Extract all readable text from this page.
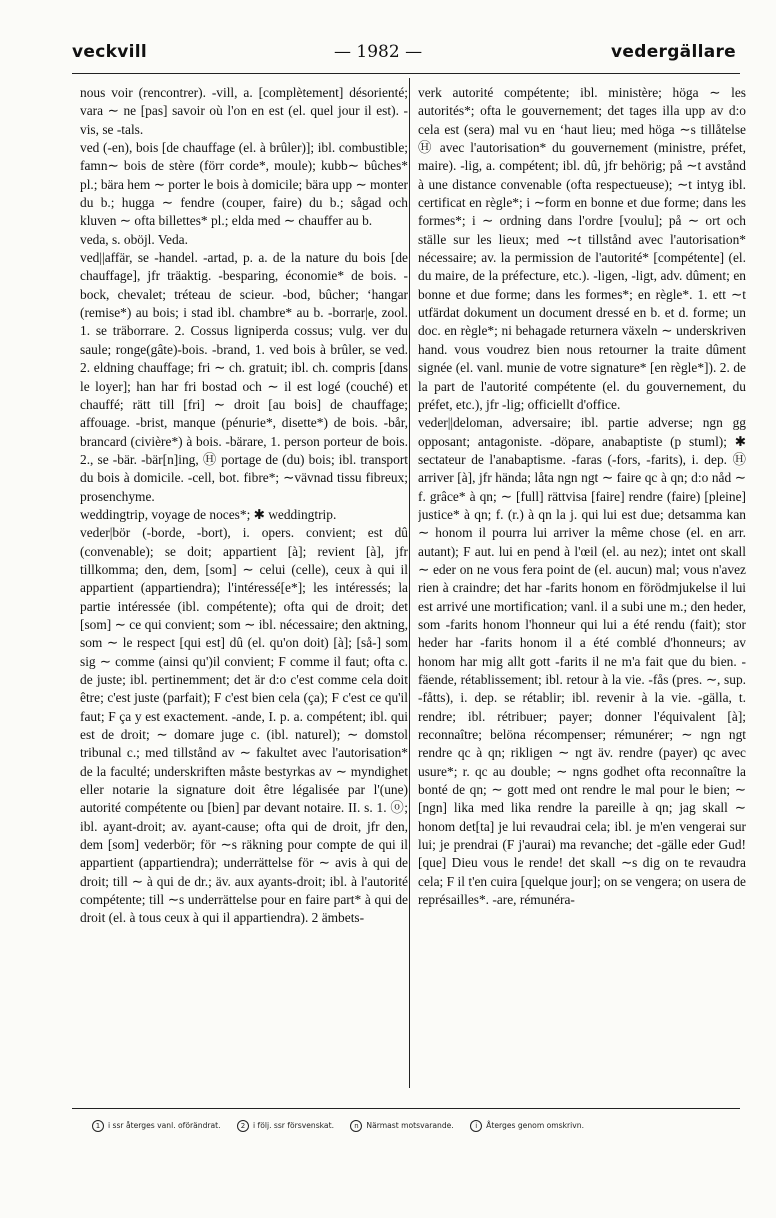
veckvill	— 1982 —	vedergällare

nous voir (rencontrer). -vill, a. [complètement] désorienté; vara ∼ ne [pas] savoir où l'on en est (el. quel jour il est). -vis, se -tals.

ved (-en), bois [de chauffage (el. à brûler)]; ibl. combustible; famn∼ bois de stère (förr corde*, moule); kubb∼ bûches* pl.; bära hem ∼ porter le bois à domicile; bära upp ∼ monter du b.; hugga ∼ fendre (couper, faire) du b.; sågad och kluven ∼ ofta billettes* pl.; elda med ∼ chauffer au b.

veda, s. oböjl. Veda.

ved||affär, se -handel. -artad, p. a. de la nature du bois [de chauffage], jfr träaktig. -besparing, économie* de bois. -bock, chevalet; tréteau de scieur. -bod, bûcher; ʻhangar (remise*) au bois; i stad ibl. chambre* au b. -borrar|e, zool. 1. se träborrare. 2. Cossus ligniperda cossus; vulg. ver du saule; ronge(gâte)-bois. -brand, 1. ved bois à brûler, se ved. 2. eldning chauffage; fri ∼ ch. gratuit; ibl. ch. compris [dans le loyer]; han har fri bostad och ∼ il est logé (couché) et chauffé; rätt till [fri] ∼ droit [au bois] de chauffage; affouage. -brist, manque (pénurie*, disette*) de bois. -bår, brancard (civière*) à bois. -bärare, 1. person porteur de bois. 2., se -bär. -bär[n]ing, Ⓗ portage de (du) bois; ibl. transport du bois à domicile. -cell, bot. fibre*; ∼vävnad tissu fibreux; prosenchyme.

weddingtrip, voyage de noces*; ✱ weddingtrip.

veder|bör (-borde, -bort), i. opers. convient; est dû (convenable); se doit; appartient [à]; revient [à], jfr tillkomma; den, dem, [som] ∼ celui (celle), ceux à qui il appartient (appartiendra); l'intéressé[e*]; les intéressés; la partie intéressée (ibl. compétente); ofta qui de droit; det [som] ∼ ce qui convient; som ∼ ibl. nécessaire; den aktning, som ∼ le respect [qui est] dû (el. qu'on doit) [à]; [så-] som sig ∼ comme (ainsi qu')il convient; F comme il faut; ofta c. de juste; ibl. pertinemment; det är d:o c'est comme cela doit être; c'est juste (parfait); F c'est bien cela (ça); F c'est ce qu'il faut; F ça y est exactement. -ande, I. p. a. compétent; ibl. qui est de droit; ∼ domare juge c. (ibl. naturel); ∼ domstol tribunal c.; med tillstånd av ∼ fakultet avec l'autorisation* de la faculté; underskriften måste bestyrkas av ∼ myndighet eller notarie la signature doit être légalisée par l'(une) autorité compétente ou [bien] par devant notaire. II. s. 1. ⓞ; ibl. ayant-droit; av. ayant-cause; ofta qui de droit, jfr den, dem [som] vederbör; för ∼s räkning pour compte de qui il appartient (appartiendra); underrättelse för ∼ avis à qui de droit; till ∼ à qui de dr.; äv. aux ayants-droit; ibl. à l'autorité compétente; till ∼s underrättelse pour en faire part* à qui de droit (el. à tous ceux à qui il appartiendra). 2 ämbets-

verk autorité compétente; ibl. ministère; höga ∼ les autorités*; ofta le gouvernement; det tages illa upp av d:o cela est (sera) mal vu en ʻhaut lieu; med höga ∼s tillåtelse Ⓗ avec l'autorisation* du gouvernement (ministre, préfet, maire). -lig, a. compétent; ibl. dû, jfr behörig; på ∼t avstånd à une distance convenable (ofta respectueuse); ∼t intyg ibl. certificat en règle*; i ∼form en bonne et due forme; dans les formes*; i ∼ ordning dans l'ordre [voulu]; på ∼ ort och ställe sur les lieux; med ∼t tillstånd avec l'autorisation* nécessaire; av. la permission de l'autorité* [compétente] (el. du maire, de la préfecture, etc.). -ligen, -ligt, adv. dûment; en bonne et due forme; dans les formes*; en règle*. 1. ett ∼t utfärdat dokument un document dressé en b. et d. forme; un doc. en règle*; ni behagade returnera växeln ∼ underskriven hand. vous voudrez bien nous retourner la traite dûment signée (el. vanl. munie de votre signature* [en règle*]). 2. de la part de l'autorité compétente (el. du gouvernement, du préfet, etc.), jfr -lig; officiellt d'office.

veder||deloman, adversaire; ibl. partie adverse; ngn gg opposant; antagoniste. -döpare, anabaptiste (p stuml); ✱ sectateur de l'anabaptisme. -faras (-fors, -farits), i. dep. Ⓗ arriver [à], jfr hända; låta ngn ngt ∼ faire qc à qn; d:o nåd ∼ f. grâce* à qn; ∼ [full] rättvisa [faire] rendre (faire) [pleine] justice* à qn; f. (r.) à qn la j. qui lui est due; detsamma kan ∼ honom il pourra lui arriver la même chose (el. en arr. autant); F aut. lui en pend à l'œil (el. au nez); intet ont skall ∼ eder on ne vous fera point de (el. aucun) mal; vous n'avez rien à craindre; det har -farits honom en förödmjukelse il lui est arrivé une mortification; vanl. il a subi une m.; den heder, som -farits honom l'honneur qui lui a été rendu (fait); stor heder har -farits honom il a été comblé d'honneurs; av honom har mig allt gott -farits il ne m'a fait que du bien. -fäende, rétablissement; ibl. retour à la vie. -fås (pres. ∼, sup. -fåtts), i. dep. se rétablir; ibl. revenir à la vie. -gälla, t. rendre; ibl. rétribuer; payer; donner l'équivalent [à]; reconnaître; belöna récompenser; rémunérer; ∼ ngn ngt rendre qc à qn; rikligen ∼ ngt äv. rendre (payer) qc avec usure*; r. qc au double; ∼ ngns godhet ofta reconnaître la bonté de qn; ∼ gott med ont rendre le mal pour le bien; ∼ [ngn] lika med lika rendre la pareille à qn; jag skall ∼ honom det[ta] je lui revaudrai cela; ibl. je m'en vengerai sur lui; je prendrai (F j'aurai) ma revanche; det -gälle eder Gud! [que] Dieu vous le rende! det skall ∼s dig on te revaudra cela; F il t'en cuira [quelque jour]; on se vengera; on usera de représailles*. -are, rémunéra-

1 i ssr återges vanl. oförändrat.	2 i följ. ssr försvenskat.	n Närmast motsvarande.	i Återges genom omskrivn.
